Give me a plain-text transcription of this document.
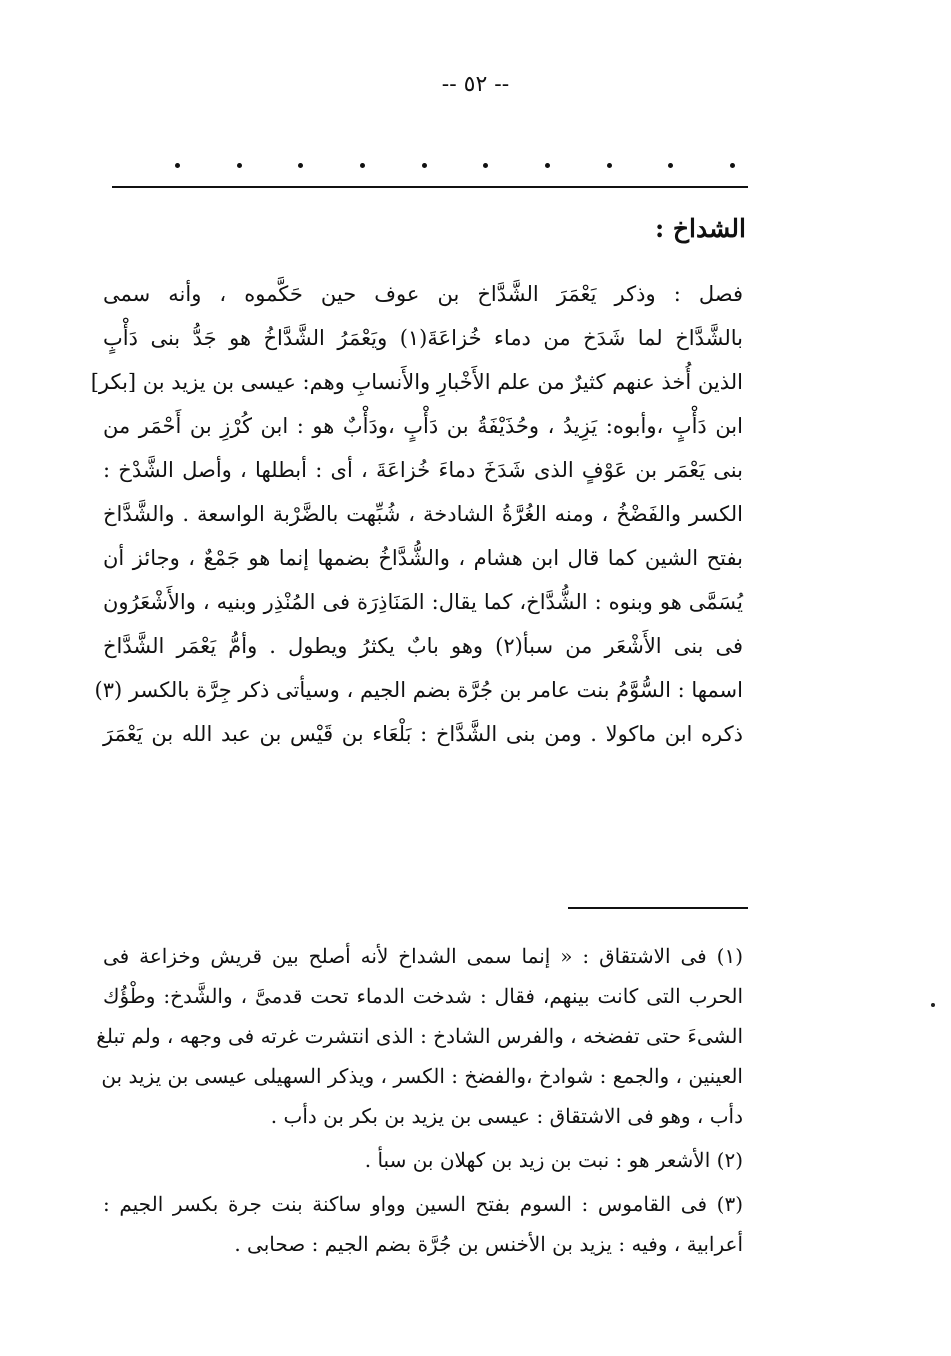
-- ٥٢ --
الشداخ :
فصل : وذكر يَعْمَرَ الشَّدَّاخ بن عوف حين حَكَّموه ، وأنه سمى
بالشَّدَّاخ لما شَدَخ من دماء خُزاعَةَ(١) ويَعْمَرُ الشَّدَّاخُ هو جَدُّ بنى دَأْبٍ
الذين أُخذ عنهم كثيرٌ من علم الأَخْبارِ والأَنسابِ وهم: عيسى بن يزيد بن [بكر]
ابن دَأْبٍ ،وأبوه: يَزِيدُ ، وحُذَيْفَةُ بن دَأْبٍ ،ودَأْبٌ هو : ابن كُرْزِ بن أَحْمَر من
بنى يَعْمَر بن عَوْفٍ الذى شَدَخَ دماءَ خُزاعَةَ ، أى : أبطلها ، وأصل الشَّدْخ :
الكسر والفَضْخُ ، ومنه الغُرَّةُ الشادخة ، شُبِّهت بالضَّرْبة الواسعة . والشَّدَّاخ
بفتح الشين كما قال ابن هشام ، والشُّدَّاخُ بضمها إنما هو جَمْعٌ ، وجائز أن
يُسَمَّى هو وبنوه : الشُّدَّاخ، كما يقال: المَنَاذِرَة فى المُنْذِر وبنيه ، والأَشْعَرُون
فى بنى الأَشْعَر من سبأ(٢) وهو بابٌ يكثرُ ويطول . وأمُّ يَعْمَر الشَّدَّاخ
اسمها : السُّوَّمُ بنت عامر بن جُرَّة بضم الجيم ، وسيأتى ذكر جِرَّة بالكسر (٣)
ذكره ابن ماكولا . ومن بنى الشَّدَّاخ : بَلْعَاء بن قَيْس بن عبد الله بن يَعْمَرَ
(١) فى الاشتقاق : « إنما سمى الشداخ لأنه أصلح بين قريش وخزاعة فى
الحرب التى كانت بينهم، فقال : شدخت الدماء تحت قدمىَّ ، والشَّدخ: وطْؤُك
الشىءَ حتى تفضخه ، والفرس الشادخ : الذى انتشرت غرته فى وجهه ، ولم تبلغ
العينين ، والجمع : شوادخ ،والفضخ : الكسر ، ويذكر السهيلى عيسى بن يزيد بن
دأب ، وهو فى الاشتقاق : عيسى بن يزيد بن بكر بن دأب .
(٢) الأشعر هو : نبت بن زيد بن كهلان بن سبأ .
(٣) فى القاموس : السوم بفتح السين وواو ساكنة بنت جرة بكسر الجيم :
أعرابية ، وفيه : يزيد بن الأخنس بن جُرَّة بضم الجيم : صحابى .
